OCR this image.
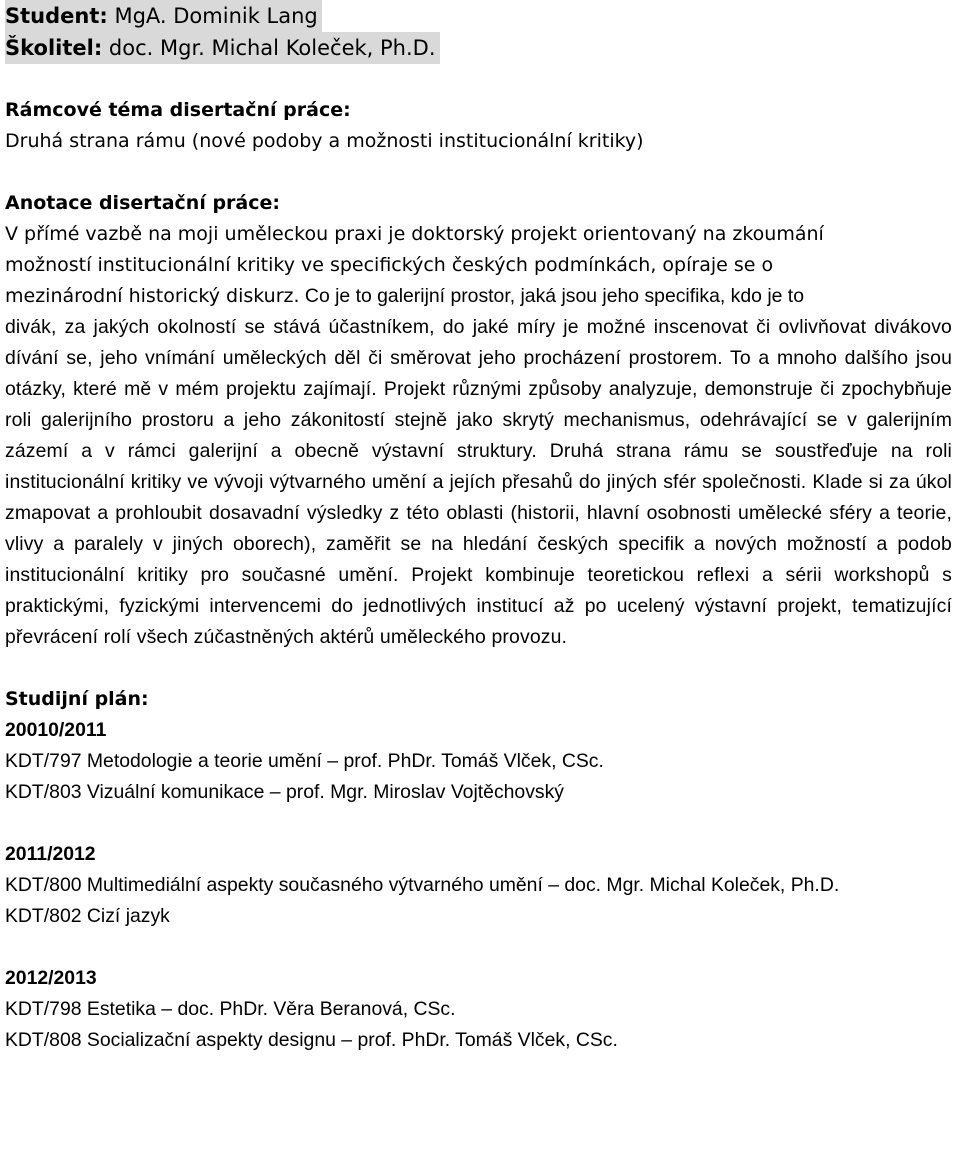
Student: MgA. Dominik Lang
Školitel: doc. Mgr. Michal Koleček, Ph.D.

Rámcové téma disertační práce:

Druhá strana rámu (nové podoby a možnosti institucionální kritiky)

Anotace disertační práce:

V přímé vazbě na moji uměleckou praxi je doktorský projekt orientovaný na zkoumání

možností institucionální kritiky ve specifických českých podmínkách, opíraje se o

mezinárodní historický diskurz. Co je to galerijní prostor, jaká jsou jeho specifika, kdo je to

divák, za jakých okolností se stává účastníkem, do jaké míry je možné inscenovat či ovlivňovat divákovo dívání se, jeho vnímání uměleckých děl či směrovat jeho procházení prostorem. To a mnoho dalšího jsou otázky, které mě v mém projektu zajímají. Projekt různými způsoby analyzuje, demonstruje či zpochybňuje roli galerijního prostoru a jeho zákonitostí stejně jako skrytý mechanismus, odehrávající se v galerijním zázemí a v rámci galerijní a obecně výstavní struktury. Druhá strana rámu se soustřeďuje na roli institucionální kritiky ve vývoji výtvarného umění a jejích přesahů do jiných sfér společnosti. Klade si za úkol zmapovat a prohloubit dosavadní výsledky z této oblasti (historii, hlavní osobnosti umělecké sféry a teorie, vlivy a paralely v jiných oborech), zaměřit se na hledání českých specifik a nových možností a podob institucionální kritiky pro současné umění. Projekt kombinuje teoretickou reflexi a sérii workshopů s praktickými, fyzickými intervencemi do jednotlivých institucí až po ucelený výstavní projekt, tematizující převrácení rolí všech zúčastněných aktérů uměleckého provozu.

Studijní plán:

20010/2011

KDT/797 Metodologie a teorie umění – prof. PhDr. Tomáš Vlček, CSc.

KDT/803 Vizuální komunikace – prof. Mgr. Miroslav Vojtěchovský

2011/2012

KDT/800 Multimediální aspekty současného výtvarného umění – doc. Mgr. Michal Koleček, Ph.D.

KDT/802 Cizí jazyk

2012/2013

KDT/798 Estetika – doc. PhDr. Věra Beranová, CSc.

KDT/808 Socializační aspekty designu – prof. PhDr. Tomáš Vlček, CSc.
